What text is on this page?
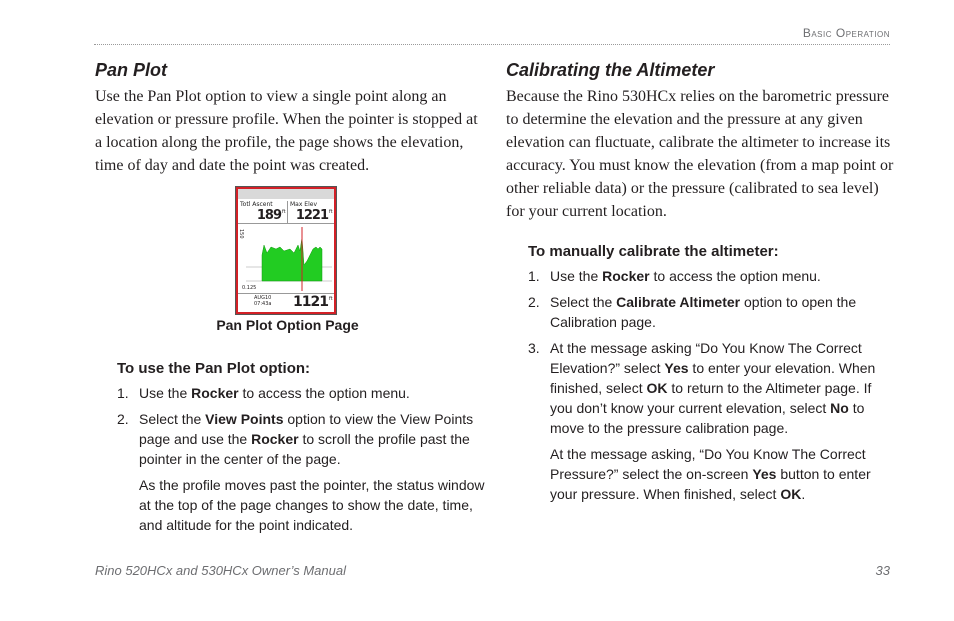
Basic Operation
Pan Plot

Use the Pan Plot option to view a single point along an elevation or pressure profile. When the pointer is stopped at a location along the profile, the page shows the elevation, time of day and date the point was created.

Totl Ascent
189 ft
Max Elev
1221 ft
150
0.125
AUG10
07:43a 1121 ft
Pan Plot Option Page
To use the Pan Plot option:
1. Use the Rocker to access the option menu.
2. Select the View Points option to view the View Points page and use the Rocker to scroll the profile past the pointer in the center of the page.
As the profile moves past the pointer, the status window at the top of the page changes to show the date, time, and altitude for the point indicated.
Calibrating the Altimeter

Because the Rino 530HCx relies on the barometric pressure to determine the elevation and the pressure at any given elevation can fluctuate, calibrate the altimeter to increase its accuracy. You must know the elevation (from a map point or other reliable data) or the pressure (calibrated to sea level) for your current location.

To manually calibrate the altimeter:
1. Use the Rocker to access the option menu.
2. Select the Calibrate Altimeter option to open the Calibration page.
3. At the message asking “Do You Know The Correct Elevation?” select Yes to enter your elevation. When finished, select OK to return to the Altimeter page. If you don’t know your current elevation, select No to move to the pressure calibration page.
At the message asking, “Do You Know The Correct Pressure?” select the on-screen Yes button to enter your pressure. When finished, select OK.
Rino 520HCx and 530HCx Owner’s Manual	33
